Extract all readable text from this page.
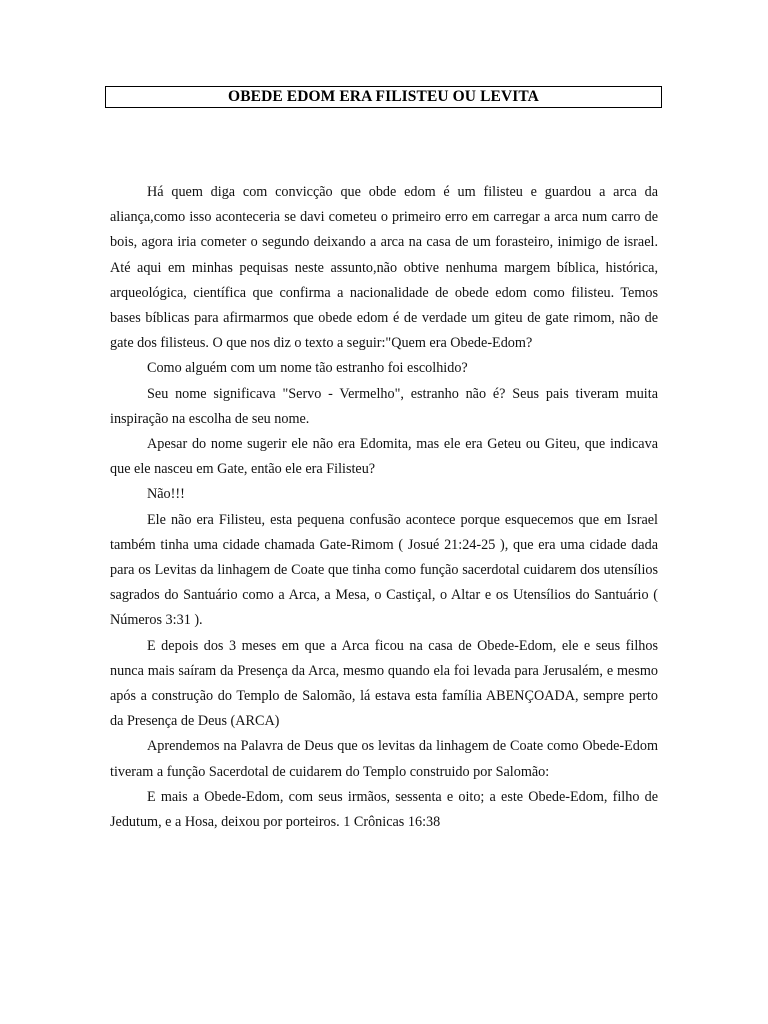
OBEDE EDOM ERA FILISTEU OU LEVITA

Há quem diga com convicção que obde edom é um filisteu e guardou a arca da aliança,como isso aconteceria se davi cometeu o primeiro erro em carregar a arca num carro de bois, agora iria cometer o segundo deixando a arca na casa de um forasteiro, inimigo de israel. Até aqui em minhas pequisas neste assunto,não obtive nenhuma margem bíblica, histórica, arqueológica, científica que confirma a nacionalidade de obede edom como filisteu. Temos bases bíblicas para afirmarmos que obede edom é de verdade um giteu de gate rimom, não de gate dos filisteus. O que nos diz o texto a seguir:"Quem era Obede-Edom?

Como alguém com um nome tão estranho foi escolhido?

Seu nome significava "Servo - Vermelho", estranho não é? Seus pais tiveram muita inspiração na escolha de seu nome.

Apesar do nome sugerir ele não era Edomita, mas ele era Geteu ou Giteu, que indicava que ele nasceu em Gate, então ele era Filisteu?

Não!!!

Ele não era Filisteu, esta pequena confusão acontece porque esquecemos que em Israel também tinha uma cidade chamada Gate-Rimom ( Josué 21:24-25 ), que era uma cidade dada para os Levitas da linhagem de Coate que tinha como função sacerdotal cuidarem dos utensílios sagrados do Santuário como a Arca, a Mesa, o Castiçal, o Altar e os Utensílios do Santuário ( Números 3:31 ).

E depois dos 3 meses em que a Arca ficou na casa de Obede-Edom, ele e seus filhos nunca mais saíram da Presença da Arca, mesmo quando ela foi levada para Jerusalém, e mesmo após a construção do Templo de Salomão, lá estava esta família ABENÇOADA, sempre perto da Presença de Deus (ARCA)

Aprendemos na Palavra de Deus que os levitas da linhagem de Coate como Obede-Edom tiveram a função Sacerdotal de cuidarem do Templo construido por Salomão:

E mais a Obede-Edom, com seus irmãos, sessenta e oito; a este Obede-Edom, filho de Jedutum, e a Hosa, deixou por porteiros. 1 Crônicas 16:38
